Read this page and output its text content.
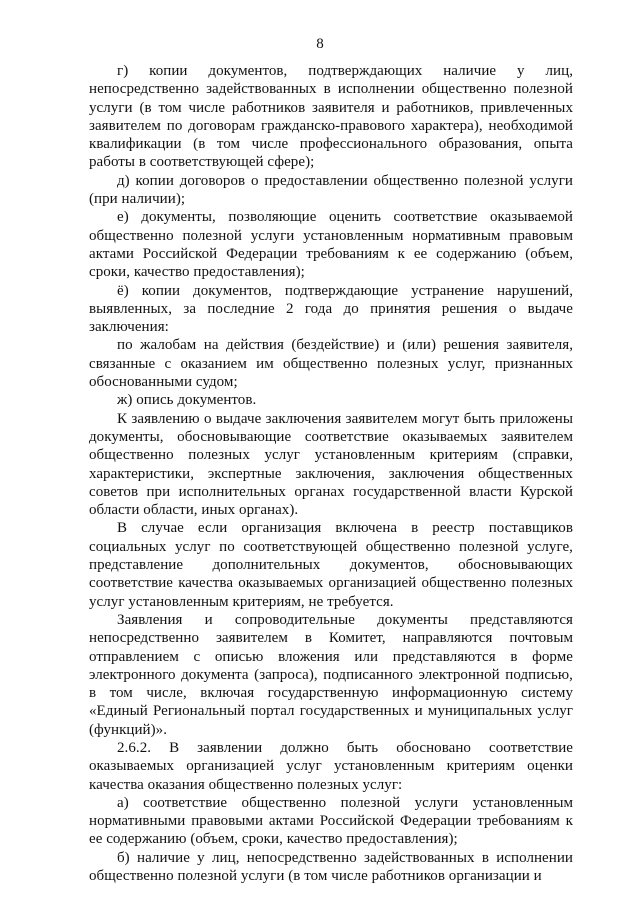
8

г) копии документов, подтверждающих наличие у лиц, непосредственно задействованных в исполнении общественно полезной услуги (в том числе работников заявителя и работников, привлеченных заявителем по договорам гражданско-правового характера), необходимой квалификации (в том числе профессионального образования, опыта работы в соответствующей сфере);

д) копии договоров о предоставлении общественно полезной услуги (при наличии);

е) документы, позволяющие оценить соответствие оказываемой общественно полезной услуги установленным нормативным правовым актами Российской Федерации требованиям к ее содержанию (объем, сроки, качество предоставления);

ё) копии документов, подтверждающие устранение нарушений, выявленных, за последние 2 года до принятия решения о выдаче заключения:

по жалобам на действия (бездействие) и (или) решения заявителя, связанные с оказанием им общественно полезных услуг, признанных обоснованными судом;

ж) опись документов.

К заявлению о выдаче заключения заявителем могут быть приложены документы, обосновывающие соответствие оказываемых заявителем общественно полезных услуг установленным критериям (справки, характеристики, экспертные заключения, заключения общественных советов при исполнительных органах государственной власти Курской области области, иных органах).

В случае если организация включена в реестр поставщиков социальных услуг по соответствующей общественно полезной услуге, представление дополнительных документов, обосновывающих соответствие качества оказываемых организацией общественно полезных услуг установленным критериям, не требуется.

Заявления и сопроводительные документы представляются непосредственно заявителем в Комитет, направляются почтовым отправлением с описью вложения или представляются в форме электронного документа (запроса), подписанного электронной подписью, в том числе, включая государственную информационную систему «Единый Региональный портал государственных и муниципальных услуг (функций)».

2.6.2. В заявлении должно быть обосновано соответствие оказываемых организацией услуг установленным критериям оценки качества оказания общественно полезных услуг:

а) соответствие общественно полезной услуги установленным нормативными правовыми актами Российской Федерации требованиям к ее содержанию (объем, сроки, качество предоставления);

б) наличие у лиц, непосредственно задействованных в исполнении общественно полезной услуги (в том числе работников организации и
